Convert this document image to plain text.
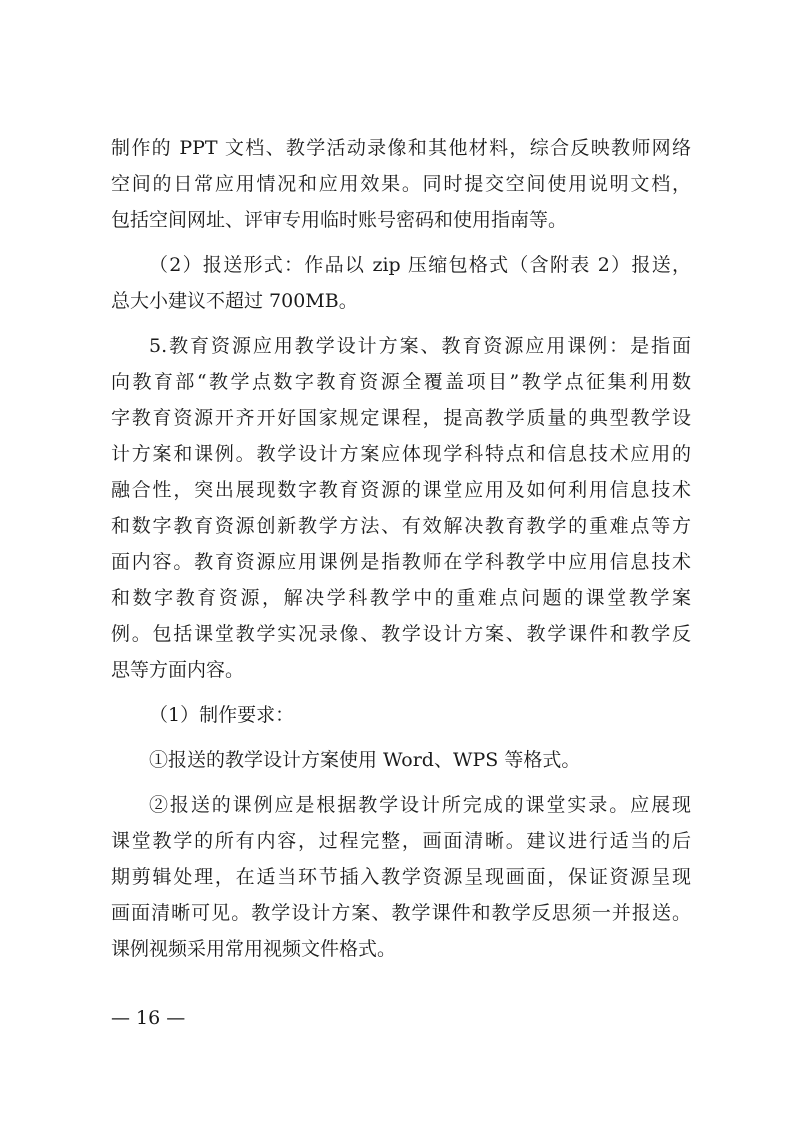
制作的 PPT 文档、教学活动录像和其他材料，综合反映教师网络
空间的日常应用情况和应用效果。同时提交空间使用说明文档，
包括空间网址、评审专用临时账号密码和使用指南等。
（2）报送形式：作品以 zip 压缩包格式（含附表 2）报送，
总大小建议不超过 700MB。
5.教育资源应用教学设计方案、教育资源应用课例：是指面
向教育部“教学点数字教育资源全覆盖项目”教学点征集利用数
字教育资源开齐开好国家规定课程，提高教学质量的典型教学设
计方案和课例。教学设计方案应体现学科特点和信息技术应用的
融合性，突出展现数字教育资源的课堂应用及如何利用信息技术
和数字教育资源创新教学方法、有效解决教育教学的重难点等方
面内容。教育资源应用课例是指教师在学科教学中应用信息技术
和数字教育资源，解决学科教学中的重难点问题的课堂教学案
例。包括课堂教学实况录像、教学设计方案、教学课件和教学反
思等方面内容。
（1）制作要求：
①报送的教学设计方案使用 Word、WPS 等格式。
②报送的课例应是根据教学设计所完成的课堂实录。应展现
课堂教学的所有内容，过程完整，画面清晰。建议进行适当的后
期剪辑处理，在适当环节插入教学资源呈现画面，保证资源呈现
画面清晰可见。教学设计方案、教学课件和教学反思须一并报送。
课例视频采用常用视频文件格式。
— 16 —
